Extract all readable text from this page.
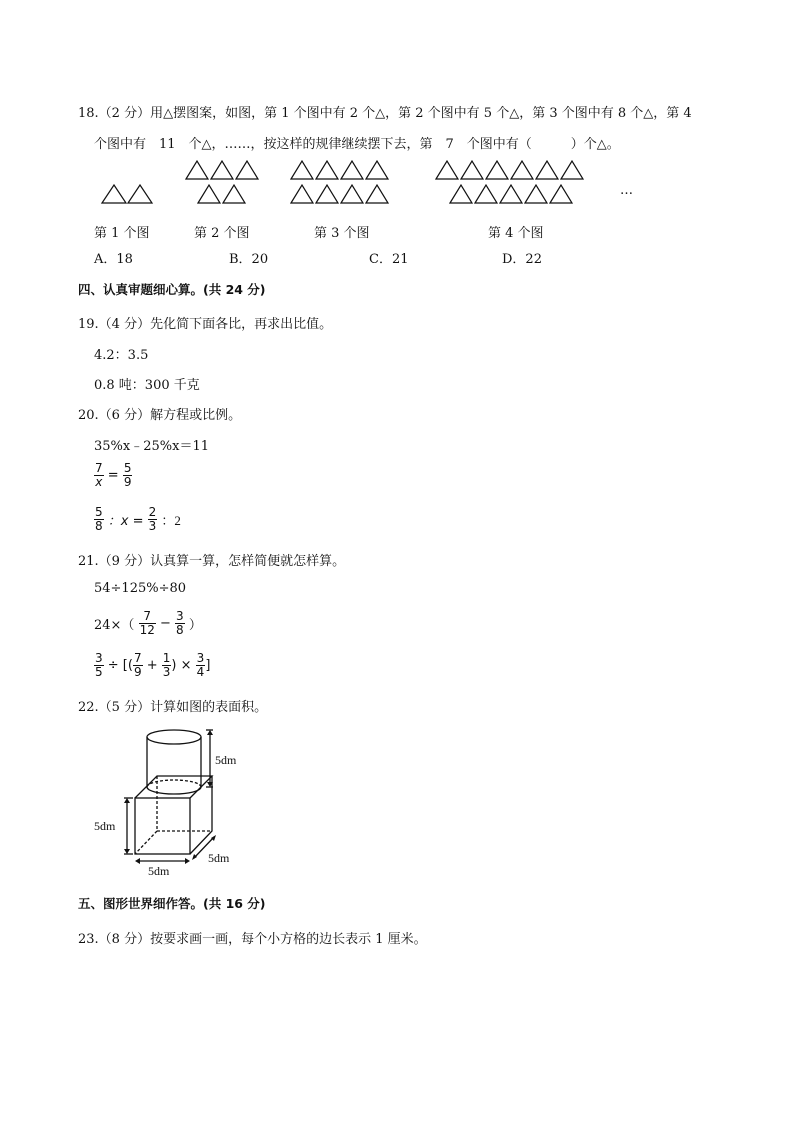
18.（2 分）用△摆图案，如图，第 1 个图中有 2 个△，第 2 个图中有 5 个△，第 3 个图中有 8 个△，第 4
个图中有　11　个△，……，按这样的规律继续摆下去，第　7　个图中有（　　　）个△。
…
第 1 个图	第 2 个图	第 3 个图	第 4 个图
A．18	B．20	C．21	D．22
四、认真审题细心算。(共 24 分)
19.（4 分）先化简下面各比，再求出比值。
4.2：3.5
0.8 吨：300 千克
20.（6 分）解方程或比例。
35%x﹣25%x＝11
$\frac{7}{x} = \frac{5}{9}$
$\frac{5}{8}$ ：$x = \frac{2}{3}$ ：2
21.（9 分）认真算一算，怎样简便就怎样算。
54÷125%÷80
$24\times( \frac{7}{12} - \frac{3}{8}$ ）
$\frac{3}{5}$ ÷ [( $\frac{7}{9} + \frac{1}{3}$ ) × $\frac{3}{4}$ ]
22.（5 分）计算如图的表面积。
5dm
5dm
5dm
5dm
五、图形世界细作答。(共 16 分)
23.（8 分）按要求画一画，每个小方格的边长表示 1 厘米。
